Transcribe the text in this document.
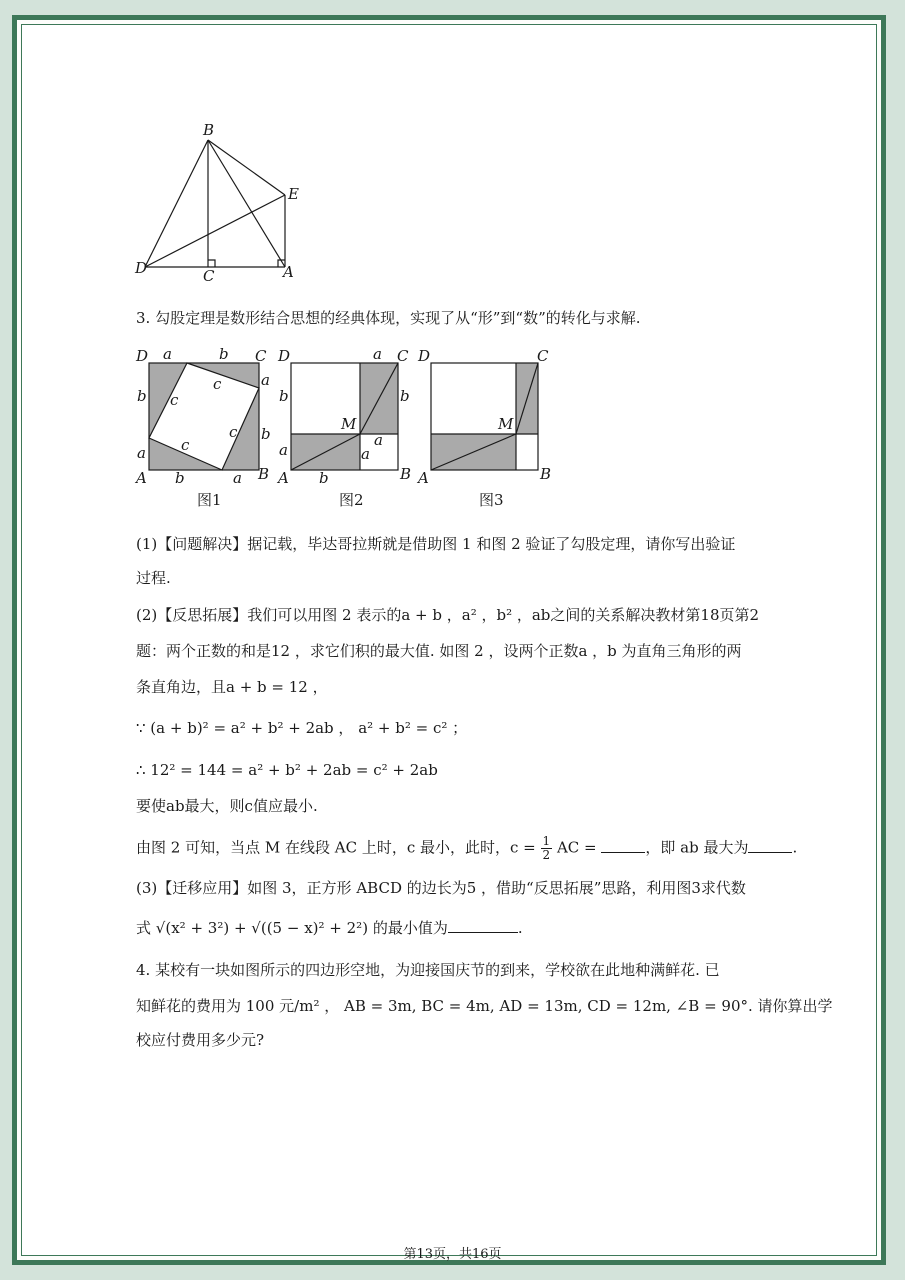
B
E
D	C	A
3. 勾股定理是数形结合思想的经典体现，实现了从“形”到“数”的转化与求解.
D a	b C
a
b
b
a
c
c
c
c
A b	a B
图1
D	a C
b	b
M
a
a
a
A b	B
图2
D	C
M
A	B
图3
(1)【问题解决】据记载，毕达哥拉斯就是借助图 1 和图 2 验证了勾股定理，请你写出验证
过程.
(2)【反思拓展】我们可以用图 2 表示的a + b ，a² ，b² ，ab之间的关系解决教材第18页第2
题：两个正数的和是12 ，求它们积的最大值. 如图 2 ，设两个正数a ，b 为直角三角形的两
条直角边，且a + b = 12 ，
∵ (a + b)² = a² + b² + 2ab ， a² + b² = c² ；
∴ 12² = 144 = a² + b² + 2ab = c² + 2ab
要使ab最大，则c值应最小.
由图 2 可知，当点 M 在线段 AC 上时，c 最小，此时，$c = \frac{1}{2}$ AC =	，即 ab 最大为	.
(3)【迁移应用】如图 3，正方形 ABCD 的边长为5 ，借助“反思拓展”思路，利用图3求代数
式 √(x² + 3²) + √((5 − x)² + 2²) 的最小值为	.
4. 某校有一块如图所示的四边形空地，为迎接国庆节的到来，学校欲在此地种满鲜花. 已
知鲜花的费用为 100 元/m² ， AB = 3m, BC = 4m, AD = 13m, CD = 12m, ∠B = 90°. 请你算出学
校应付费用多少元?
第13页，共16页
